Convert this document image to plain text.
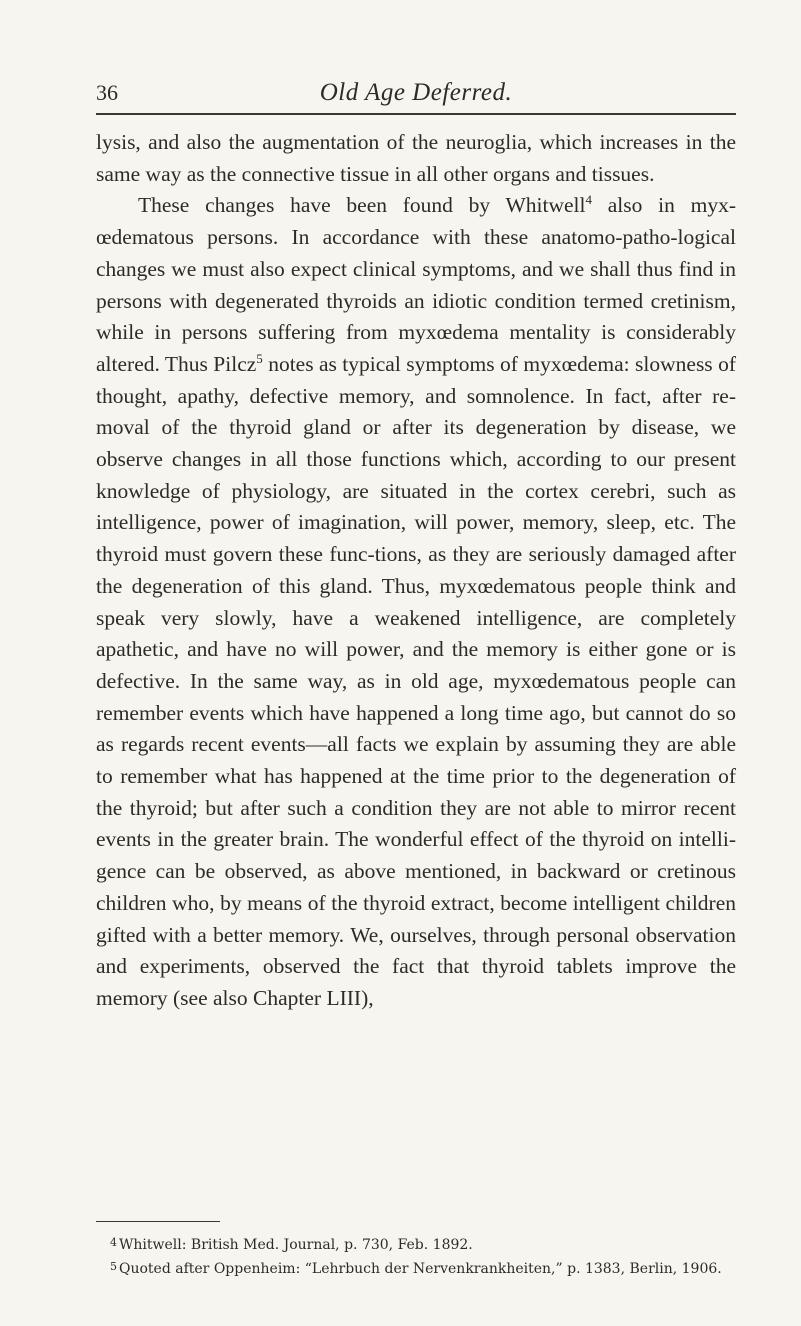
36	Old Age Deferred.

lysis, and also the augmentation of the neuroglia, which increases in the same way as the connective tissue in all other organs and tissues.

These changes have been found by Whitwell$^4$ also in myx-œdematous persons. In accordance with these anatomo-patho-logical changes we must also expect clinical symptoms, and we shall thus find in persons with degenerated thyroids an idiotic condition termed cretinism, while in persons suffering from myxœdema mentality is considerably altered. Thus Pilcz$^5$ notes as typical symptoms of myxœdema: slowness of thought, apathy, defective memory, and somnolence. In fact, after re-moval of the thyroid gland or after its degeneration by disease, we observe changes in all those functions which, according to our present knowledge of physiology, are situated in the cortex cerebri, such as intelligence, power of imagination, will power, memory, sleep, etc. The thyroid must govern these func-tions, as they are seriously damaged after the degeneration of this gland. Thus, myxœdematous people think and speak very slowly, have a weakened intelligence, are completely apathetic, and have no will power, and the memory is either gone or is defective. In the same way, as in old age, myxœdematous people can remember events which have happened a long time ago, but cannot do so as regards recent events—all facts we explain by assuming they are able to remember what has happened at the time prior to the degeneration of the thyroid; but after such a condition they are not able to mirror recent events in the greater brain. The wonderful effect of the thyroid on intelli-gence can be observed, as above mentioned, in backward or cretinous children who, by means of the thyroid extract, become intelligent children gifted with a better memory. We, ourselves, through personal observation and experiments, observed the fact that thyroid tablets improve the memory (see also Chapter LIII),

$^4$ Whitwell: British Med. Journal, p. 730, Feb. 1892.

$^5$ Quoted after Oppenheim: “Lehrbuch der Nervenkrankheiten,” p. 1383, Berlin, 1906.
